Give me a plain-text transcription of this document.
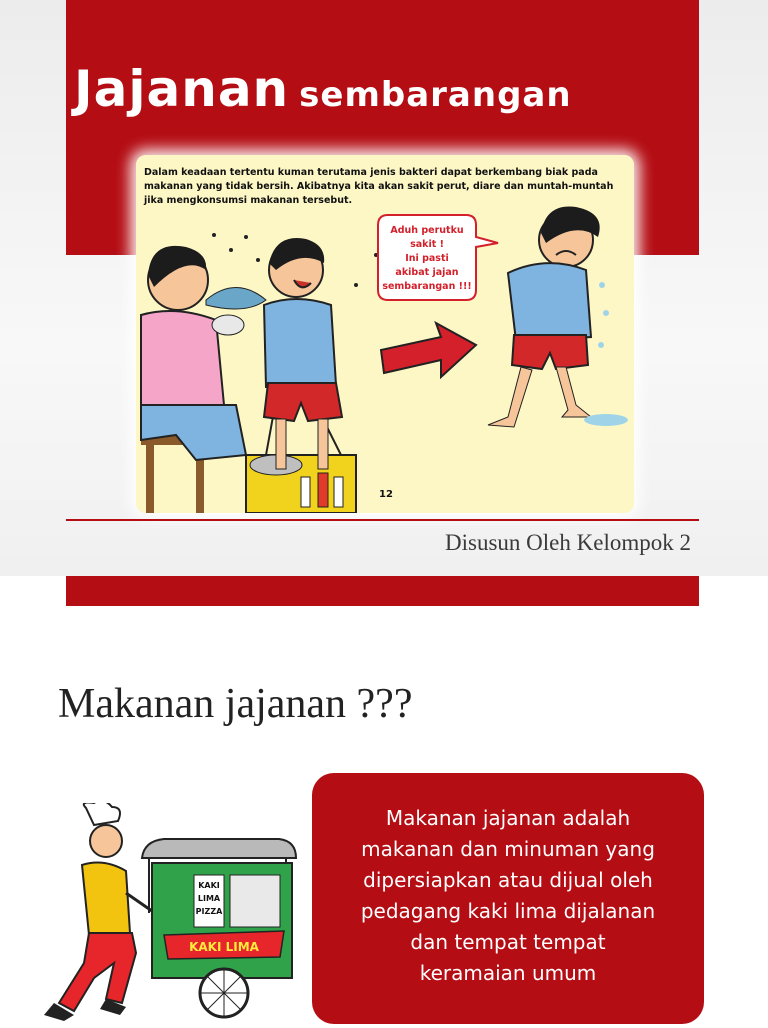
Jajanan sembarangan
Dalam keadaan tertentu kuman terutama jenis bakteri dapat berkembang biak pada
makanan yang tidak bersih. Akibatnya kita akan sakit perut, diare dan muntah-muntah
jika mengkonsumsi makanan tersebut.
Aduh perutku
sakit !
Ini pasti
akibat jajan
sembarangan !!!
12

Disusun Oleh Kelompok 2

Makanan jajanan ???
KAKI
LIMA
PIZZA
KAKI LIMA

Makanan jajanan adalah
makanan dan minuman yang
dipersiapkan atau dijual oleh
pedagang kaki lima dijalanan
dan tempat tempat
keramaian umum
